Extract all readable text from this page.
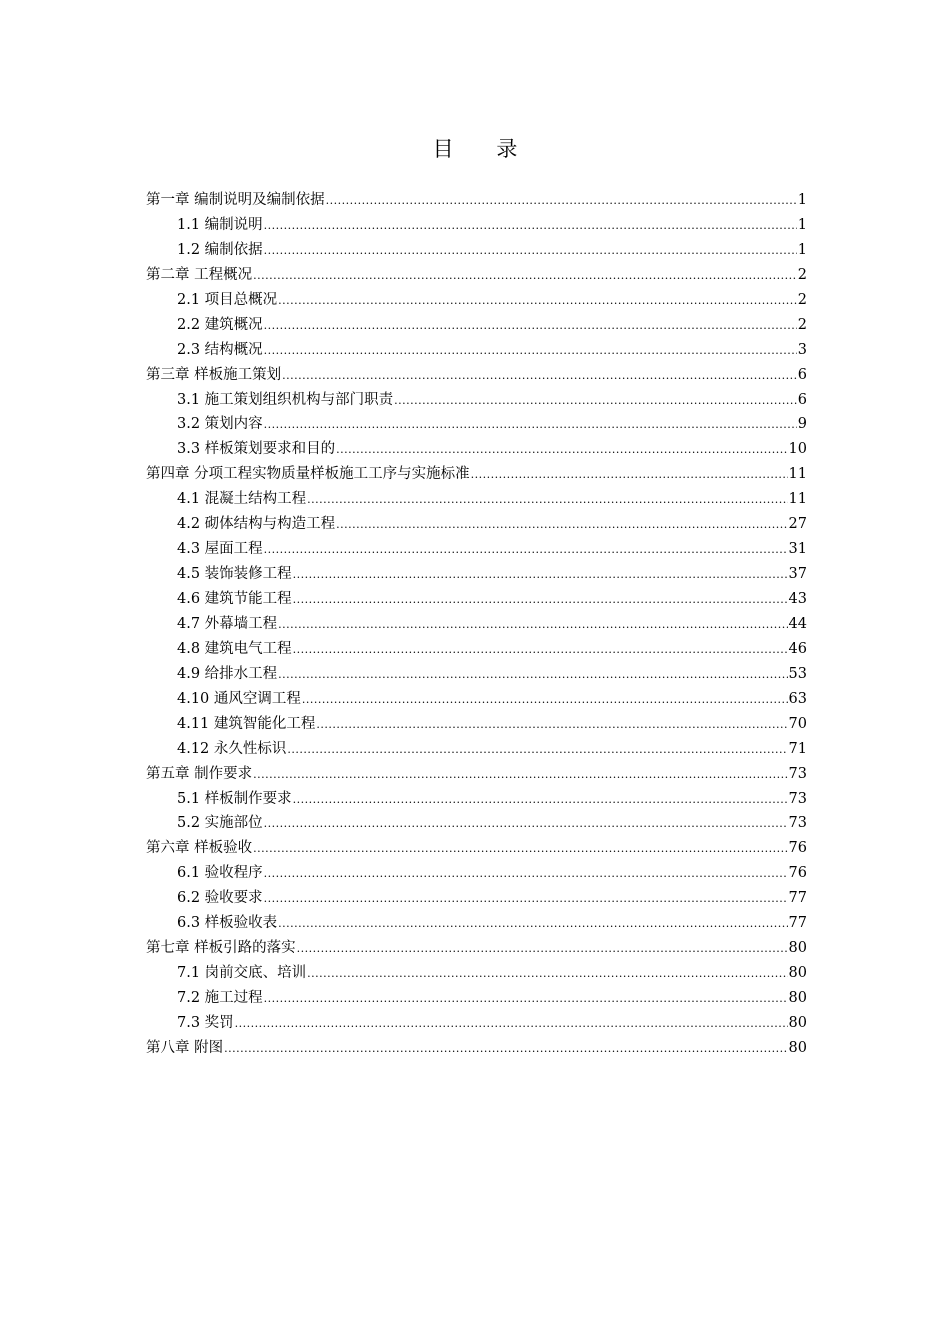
目 录
第一章 编制说明及编制依据 .....	1
1.1 编制说明 .....	1
1.2 编制依据 .....	1
第二章 工程概况 .....	2
2.1 项目总概况 .....	2
2.2 建筑概况 .....	2
2.3 结构概况 .....	3
第三章 样板施工策划 .....	6
3.1 施工策划组织机构与部门职责 .....	6
3.2 策划内容 .....	9
3.3 样板策划要求和目的 .....	10
第四章 分项工程实物质量样板施工工序与实施标准 .....	11
4.1 混凝土结构工程 .....	11
4.2 砌体结构与构造工程 .....	27
4.3 屋面工程 .....	31
4.5 装饰装修工程 .....	37
4.6 建筑节能工程 .....	43
4.7 外幕墙工程 .....	44
4.8 建筑电气工程 .....	46
4.9 给排水工程 .....	53
4.10 通风空调工程 .....	63
4.11 建筑智能化工程 .....	70
4.12 永久性标识 .....	71
第五章 制作要求 .....	73
5.1 样板制作要求 .....	73
5.2 实施部位 .....	73
第六章 样板验收 .....	76
6.1 验收程序 .....	76
6.2 验收要求 .....	77
6.3 样板验收表 .....	77
第七章 样板引路的落实 .....	80
7.1 岗前交底、培训 .....	80
7.2 施工过程 .....	80
7.3 奖罚 .....	80
第八章 附图 .....	80
